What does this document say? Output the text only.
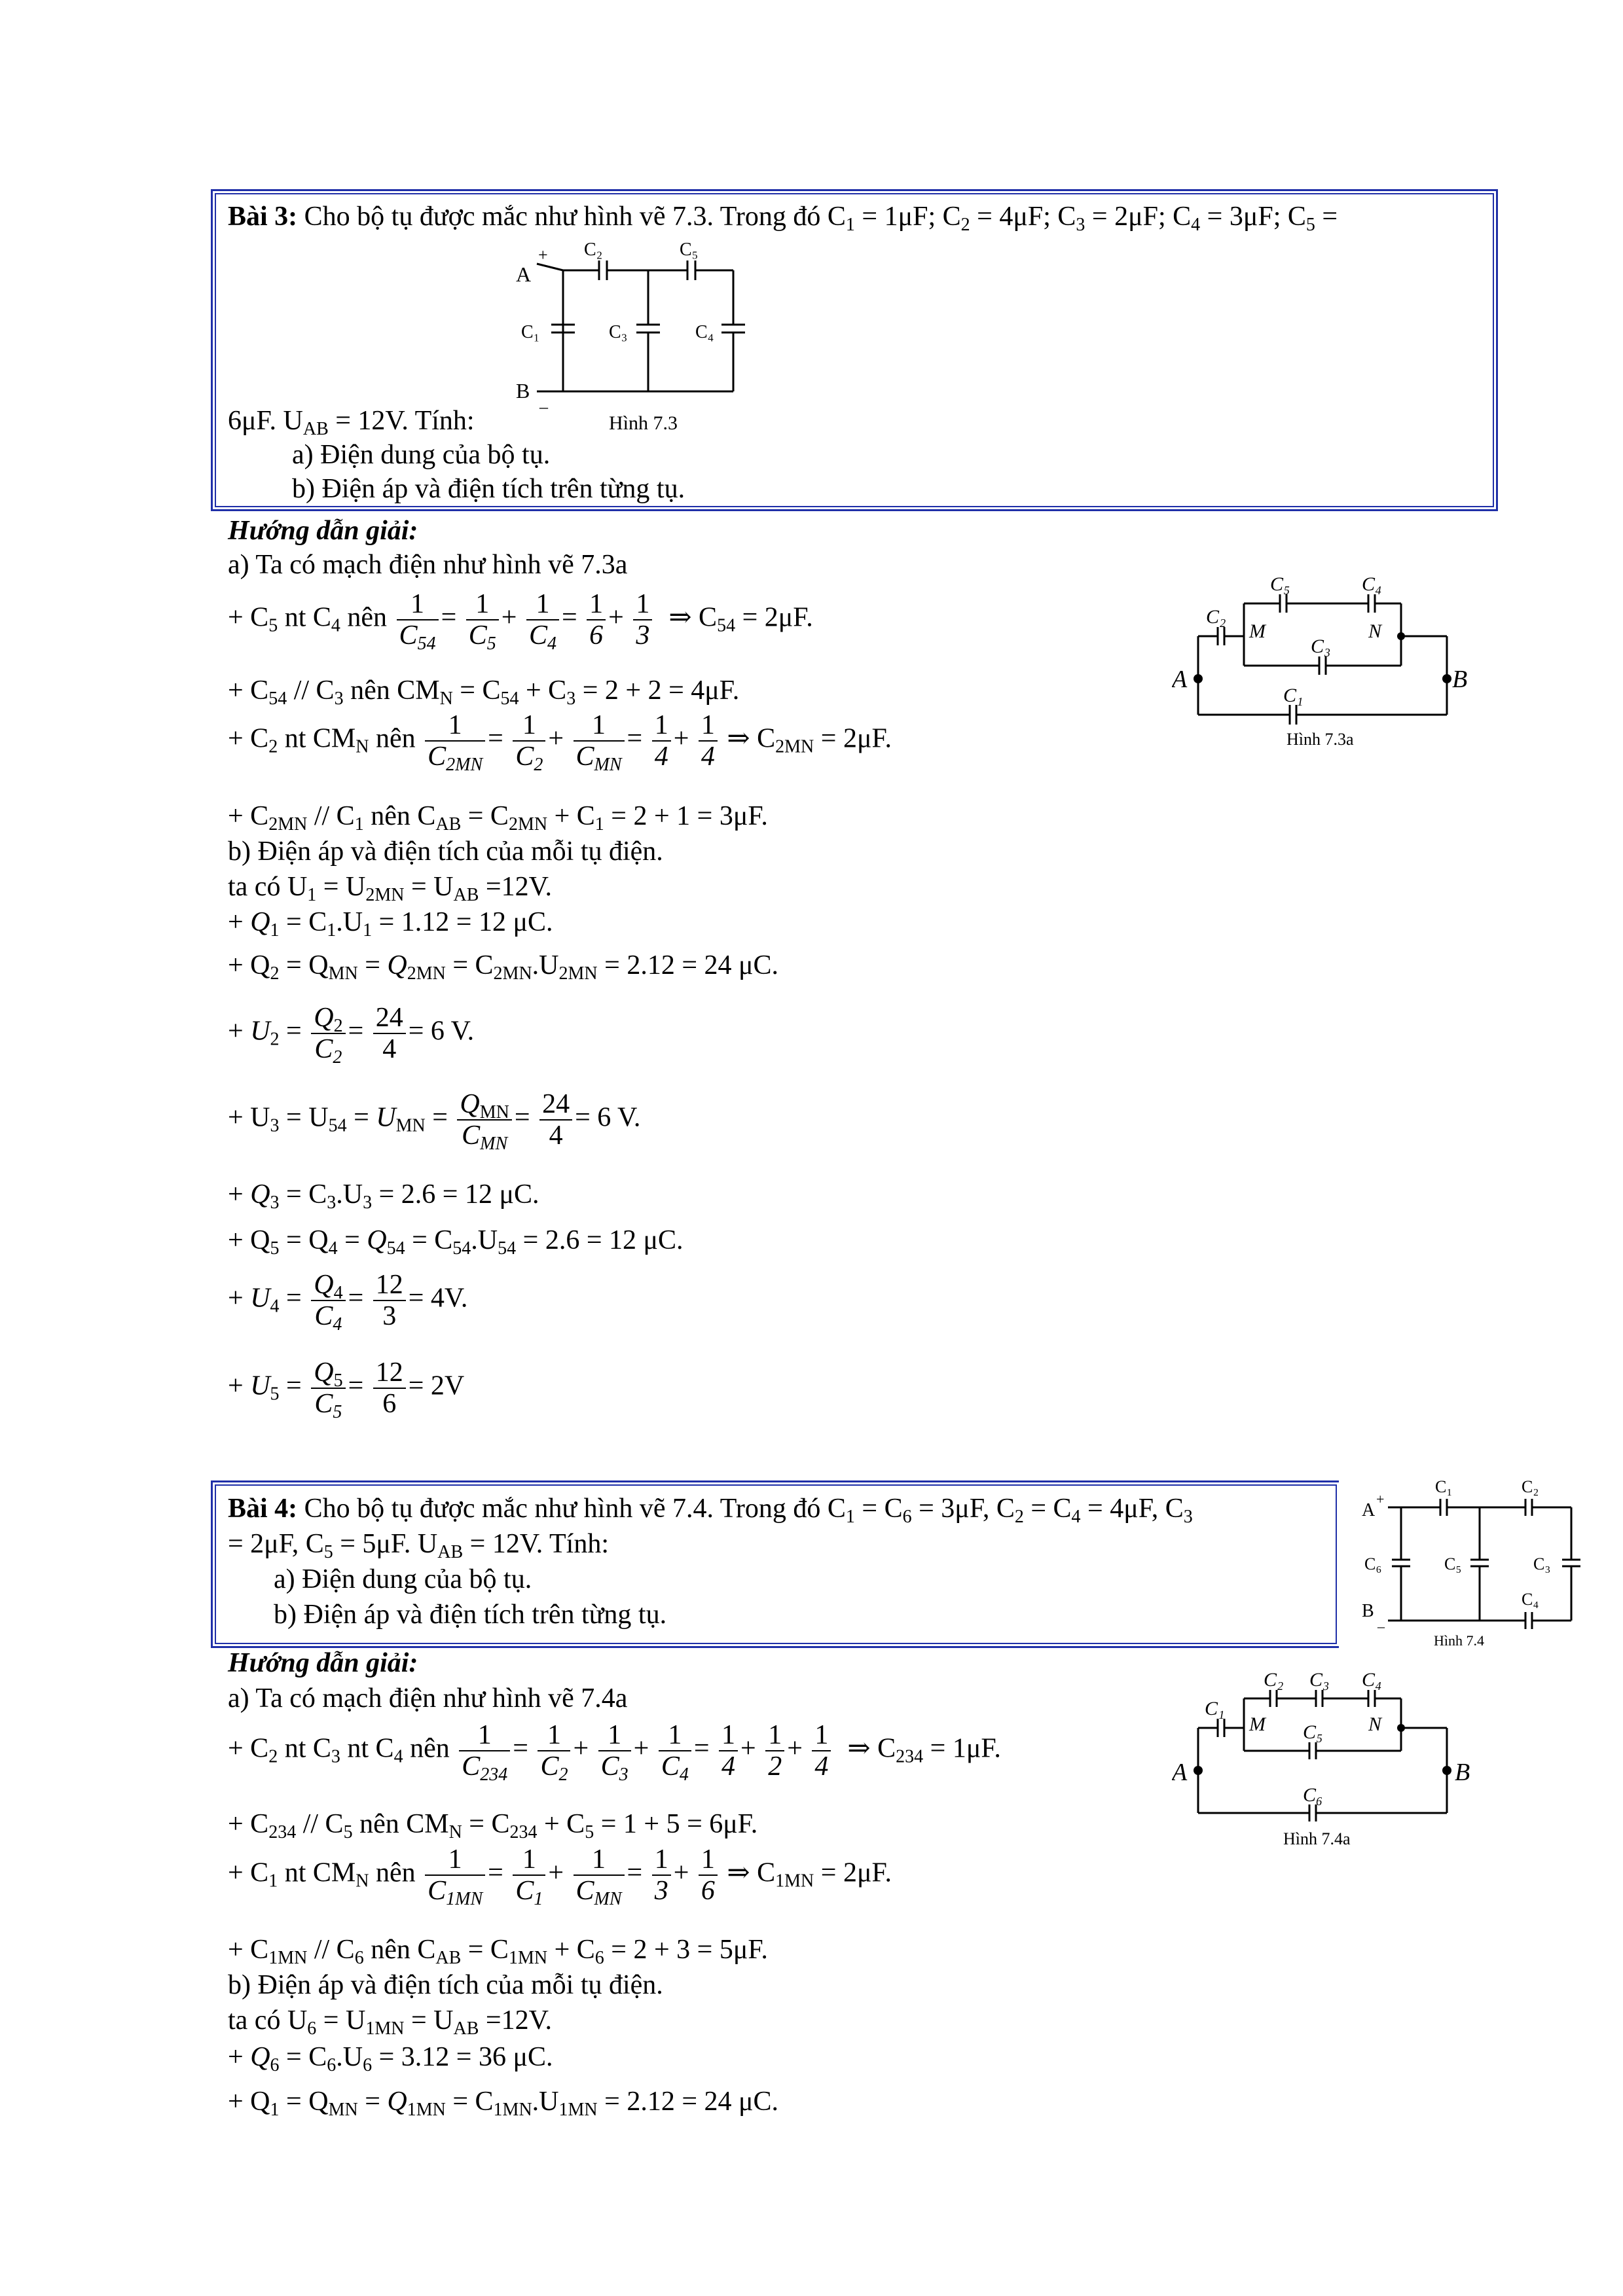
Bài 3: Cho bộ tụ được mắc như hình vẽ 7.3. Trong đó $C_1 = 1\mu F$; $C_2 = 4\mu F$; $C_3 = 2\mu F$; $C_4 = 3\mu F$; $C_5$ =
A
+
B
–
C₂	C₅
C₁	C₃	C₄
Hình 7.3
6μF. $U_{AB} = 12V$. Tính:
a) Điện dung của bộ tụ.
b) Điện áp và điện tích trên từng tụ.
Hướng dẫn giải:
a) Ta có mạch điện như hình vẽ 7.3a
+ $C_5$ nt $C_4$ nên $\frac{1}{C_{54}} = \frac{1}{C_5} + \frac{1}{C_4} = \frac{1}{6} + \frac{1}{3}$ ⇒ $C_{54} = 2\mu F$.
+ $C_{54} // C_3$ nên $CM_N = C_{54} + C_3 = 2 + 2 = 4\mu F$.
+ $C_2$ nt $CM_N$ nên $\frac{1}{C_{2MN}} = \frac{1}{C_2} + \frac{1}{C_{MN}} = \frac{1}{4} + \frac{1}{4}$ ⇒ $C_{2MN} = 2\mu F$.
+ $C_{2MN} // C_1$ nên $C_{AB} = C_{2MN} + C_1 = 2 + 1 = 3\mu F$.
b) Điện áp và điện tích của mỗi tụ điện.
ta có $U_1 = U_{2MN} = U_{AB} =12V$.
+ $Q_1 = C_1.U_1 = 1.12 = 12$ μC.
+ $Q_2 = Q_{MN} = Q_{2MN} = C_{2MN}.U_{2MN} = 2.12 = 24$ μC.
+ $U_2 = \frac{Q_2}{C_2} = \frac{24}{4} = 6$ V.
+ $U_3 = U_{54} = U_{MN} = \frac{Q_{MN}}{C_{MN}} = \frac{24}{4} = 6$ V.
+ $Q_3 = C_3.U_3 = 2.6 = 12$ μC.
+ $Q_5 = Q_4 = Q_{54} = C_{54}.U_{54} = 2.6 = 12$ μC.
+ $U_4 = \frac{Q_4}{C_4} = \frac{12}{3} = 4V$.
+ $U_5 = \frac{Q_5}{C_5} = \frac{12}{6} = 2V$
A	B
M	N
C₅	C₄
C₂
C₃
C₁
Hình 7.3a
Bài 4: Cho bộ tụ được mắc như hình vẽ 7.4. Trong đó $C_1 = C_6 = 3\mu F$, $C_2 = C_4 = 4\mu F$, $C_3$
= 2μF, $C_5 = 5\mu F$. $U_{AB} = 12V$. Tính:
a) Điện dung của bộ tụ.
b) Điện áp và điện tích trên từng tụ.
A
+
B
–
C₁	C₂
C₆	C₅	C₃
C₄
Hình 7.4
Hướng dẫn giải:
a) Ta có mạch điện như hình vẽ 7.4a
+ $C_2$ nt $C_3$ nt $C_4$ nên $\frac{1}{C_{234}} = \frac{1}{C_2} + \frac{1}{C_3} + \frac{1}{C_4} = \frac{1}{4} + \frac{1}{2} + \frac{1}{4}$ ⇒ $C_{234} = 1\mu F$.
+ $C_{234} // C_5$ nên $CM_N = C_{234} + C_5 = 1 + 5 = 6\mu F$.
+ $C_1$ nt $CM_N$ nên $\frac{1}{C_{1MN}} = \frac{1}{C_1} + \frac{1}{C_{MN}} = \frac{1}{3} + \frac{1}{6}$ ⇒ $C_{1MN} = 2\mu F$.
+ $C_{1MN} // C_6$ nên $C_{AB} = C_{1MN} + C_6 = 2 + 3 = 5\mu F$.
b) Điện áp và điện tích của mỗi tụ điện.
ta có $U_6 = U_{1MN} = U_{AB} =12V$.
+ $Q_6 = C_6.U_6 = 3.12 = 36$ μC.
+ $Q_1 = Q_{MN} = Q_{1MN} = C_{1MN}.U_{1MN} = 2.12 = 24$ μC.
A	B
M	N
C₁
C₂ C₃ C₄
C₅
C₆
Hình 7.4a
